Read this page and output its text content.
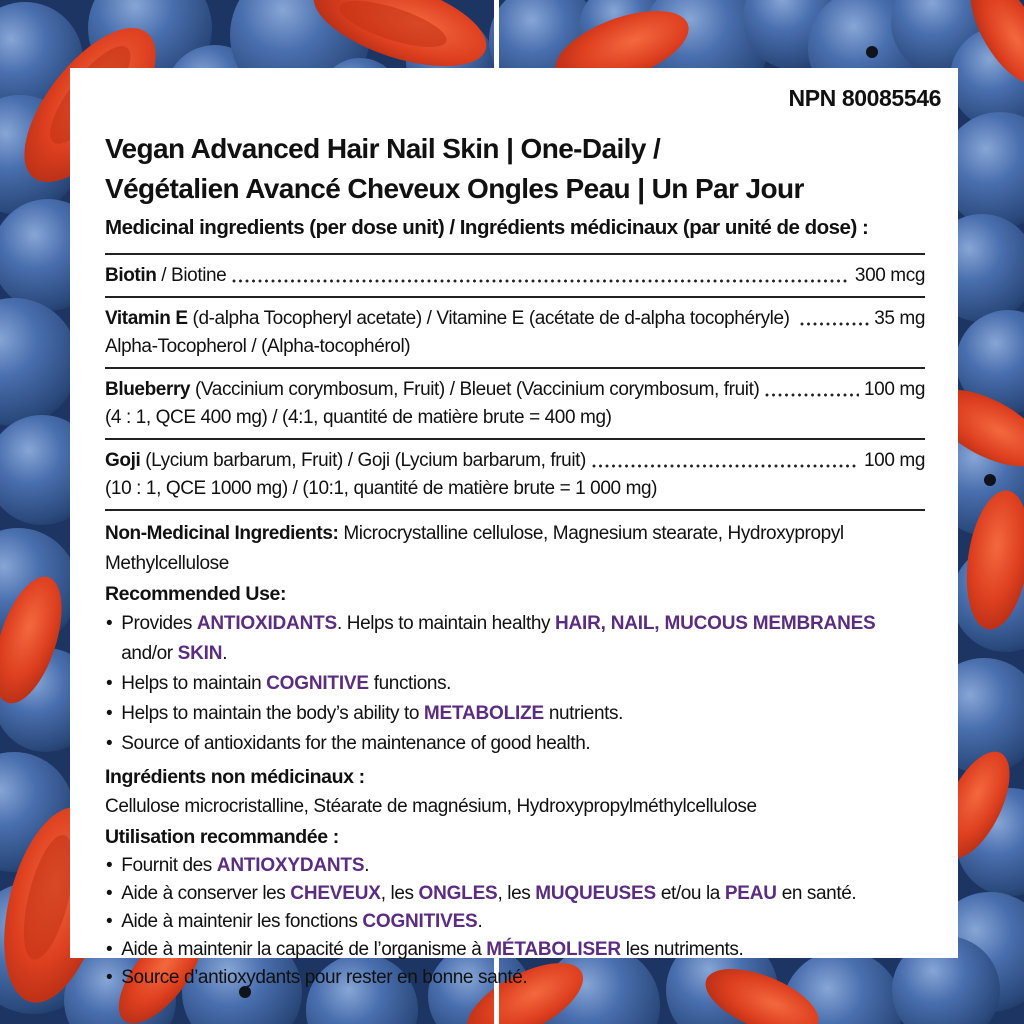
NPN 80085546
Vegan Advanced Hair Nail Skin | One-Daily /
Végétalien Avancé Cheveux Ongles Peau | Un Par Jour
Medicinal ingredients (per dose unit) / Ingrédients médicinaux (par unité de dose) :
Biotin / Biotine	300 mcg
Vitamin E (d-alpha Tocopheryl acetate) / Vitamine E (acétate de d-alpha tocophéryle)	35 mg
Alpha-Tocopherol / (Alpha-tocophérol)
Blueberry (Vaccinium corymbosum, Fruit) / Bleuet (Vaccinium corymbosum, fruit)	100 mg
(4 : 1, QCE 400 mg) / (4:1, quantité de matière brute = 400 mg)
Goji (Lycium barbarum, Fruit) / Goji (Lycium barbarum, fruit)	100 mg
(10 : 1, QCE 1000 mg) / (10:1, quantité de matière brute = 1 000 mg)

Non-Medicinal Ingredients: Microcrystalline cellulose, Magnesium stearate, Hydroxypropyl Methylcellulose

Recommended Use:

• Provides ANTIOXIDANTS. Helps to maintain healthy HAIR, NAIL, MUCOUS MEMBRANES and/or SKIN.
• Helps to maintain COGNITIVE functions.
• Helps to maintain the body’s ability to METABOLIZE nutrients.
• Source of antioxidants for the maintenance of good health.

Ingrédients non médicinaux :

Cellulose microcristalline, Stéarate de magnésium, Hydroxypropylméthylcellulose

Utilisation recommandée :

• Fournit des ANTIOXYDANTS.
• Aide à conserver les CHEVEUX, les ONGLES, les MUQUEUSES et/ou la PEAU en santé.
• Aide à maintenir les fonctions COGNITIVES.
• Aide à maintenir la capacité de l’organisme à MÉTABOLISER les nutriments.
• Source d’antioxydants pour rester en bonne santé.
